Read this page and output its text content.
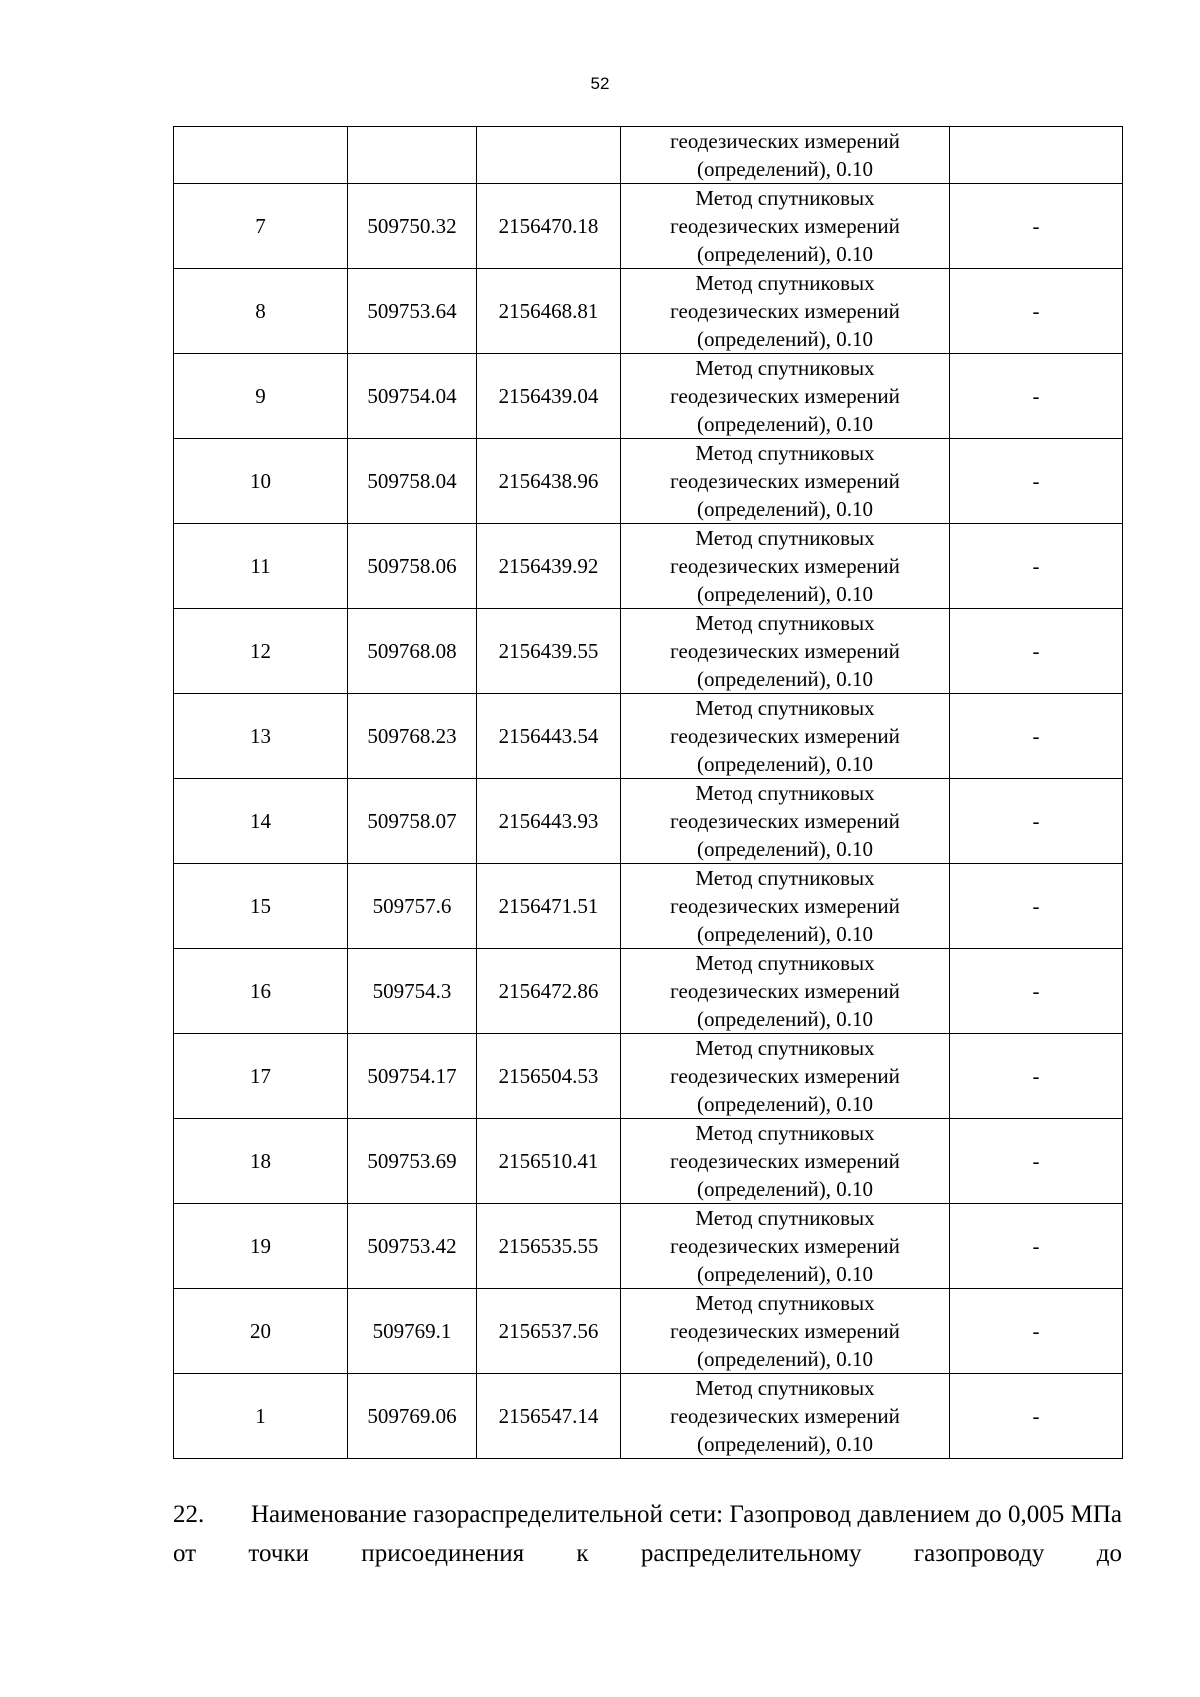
52

			геодезических измерений
(определений), 0.10	

7	509750.32	2156470.18	Метод спутниковых
геодезических измерений
(определений), 0.10	-
8	509753.64	2156468.81	Метод спутниковых
геодезических измерений
(определений), 0.10	-
9	509754.04	2156439.04	Метод спутниковых
геодезических измерений
(определений), 0.10	-
10	509758.04	2156438.96	Метод спутниковых
геодезических измерений
(определений), 0.10	-
11	509758.06	2156439.92	Метод спутниковых
геодезических измерений
(определений), 0.10	-
12	509768.08	2156439.55	Метод спутниковых
геодезических измерений
(определений), 0.10	-
13	509768.23	2156443.54	Метод спутниковых
геодезических измерений
(определений), 0.10	-
14	509758.07	2156443.93	Метод спутниковых
геодезических измерений
(определений), 0.10	-
15	509757.6	2156471.51	Метод спутниковых
геодезических измерений
(определений), 0.10	-
16	509754.3	2156472.86	Метод спутниковых
геодезических измерений
(определений), 0.10	-
17	509754.17	2156504.53	Метод спутниковых
геодезических измерений
(определений), 0.10	-
18	509753.69	2156510.41	Метод спутниковых
геодезических измерений
(определений), 0.10	-
19	509753.42	2156535.55	Метод спутниковых
геодезических измерений
(определений), 0.10	-
20	509769.1	2156537.56	Метод спутниковых
геодезических измерений
(определений), 0.10	-
1	509769.06	2156547.14	Метод спутниковых
геодезических измерений
(определений), 0.10	-
22. Наименование газораспределительной сети: Газопровод давлением до 0,005 МПа от точки присоединения к распределительному газопроводу до
